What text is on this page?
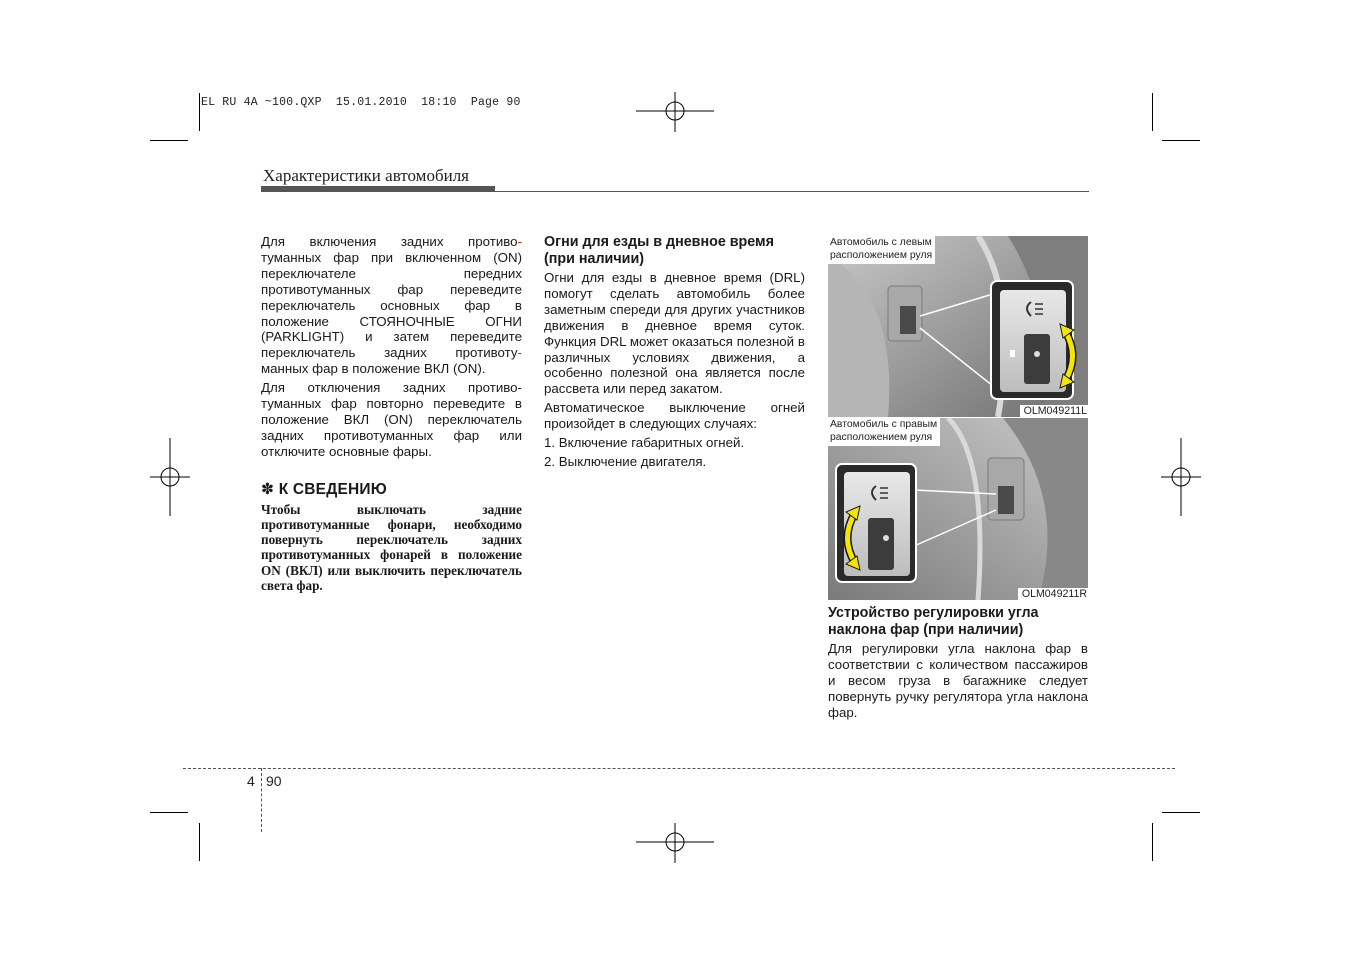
EL RU 4A ~100.QXP  15.01.2010  18:10  Page 90
Характеристики автомобиля

Для включения задних противо- туманных фар при включенном (ON) переключателе передних противотуманных фар переведите переключатель основных фар в положение СТОЯНОЧНЫЕ ОГНИ (PARKLIGHT) и затем переведите переключатель задних противоту- манных фар в положение ВКЛ (ON).

Для отключения задних противо-туманных фар повторно переведите в положение ВКЛ (ON) переключатель задних противотуманных фар или отключите основные фары.

✽ К СВЕДЕНИЮ
Чтобы выключать задние противотуманные фонари, необходимо повернуть переключатель задних противотуманных фонарей в положение ON (ВКЛ) или выключить переключатель света фар.
Огни для езды в дневное время (при наличии)

Огни для езды в дневное время (DRL) помогут сделать автомобиль более заметным спереди для других участников движения в дневное время суток. Функция DRL может оказаться полезной в различных условиях движения, а особенно полезной она является после рассвета или перед закатом.

Автоматическое выключение огней произойдет в следующих случаях:

1. Включение габаритных огней.

2. Выключение двигателя.

Автомобиль с левым
расположением руля
OLM049211L
Автомобиль с правым
расположением руля
OLM049211R
Устройство регулировки угла наклона фар (при наличии)

Для регулировки угла наклона фар в соответствии с количеством пассажиров и весом груза в багажнике следует повернуть ручку регулятора угла наклона фар.

4 90
